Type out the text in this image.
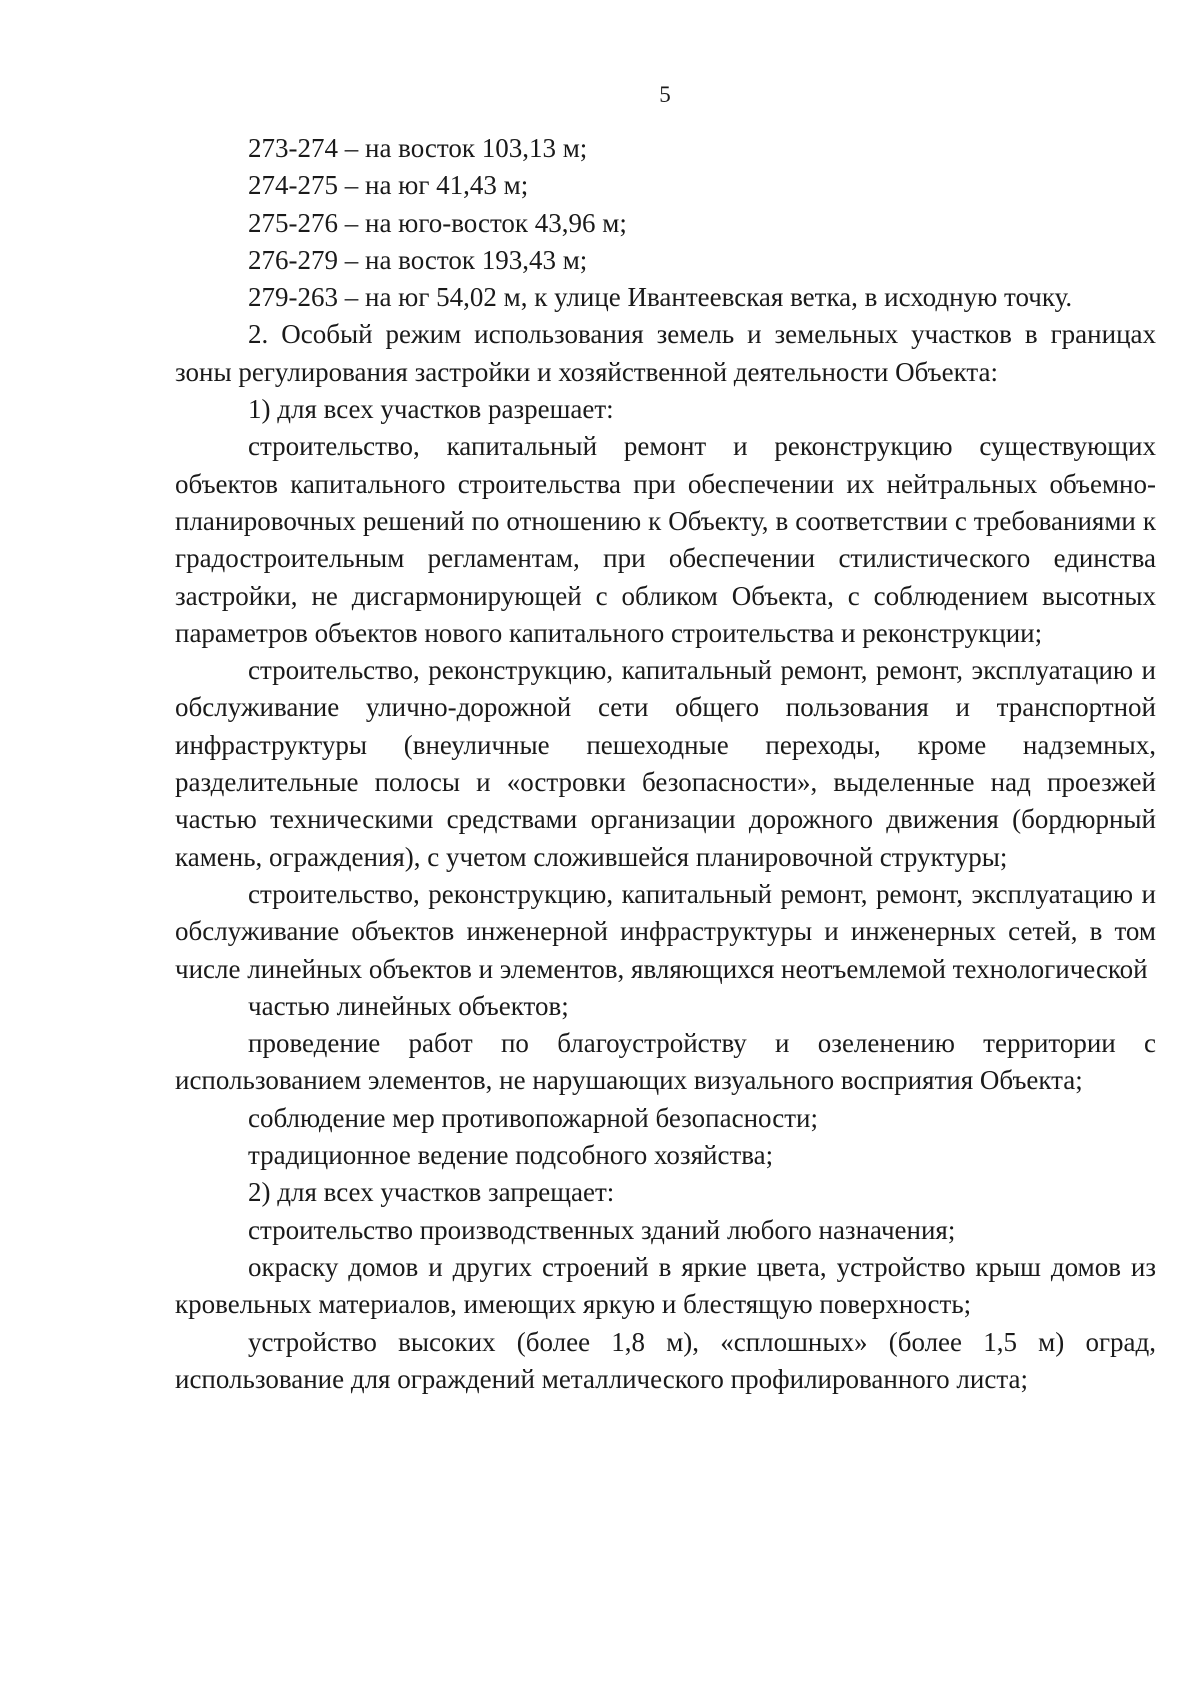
5

273-274 – на восток 103,13 м;

274-275 – на юг 41,43 м;

275-276 – на юго-восток 43,96 м;

276-279 – на восток 193,43 м;

279-263 – на юг 54,02 м, к улице Ивантеевская ветка, в исходную точку.

2. Особый режим использования земель и земельных участков в границах зоны регулирования застройки и хозяйственной деятельности Объекта:

1) для всех участков разрешает:

строительство, капитальный ремонт и реконструкцию существующих объектов капитального строительства при обеспечении их нейтральных объемно-планировочных решений по отношению к Объекту, в соответствии с требованиями к градостроительным регламентам, при обеспечении стилистического единства застройки, не дисгармонирующей с обликом Объекта, с соблюдением высотных параметров объектов нового капитального строительства и реконструкции;

строительство, реконструкцию, капитальный ремонт, ремонт, эксплуатацию и обслуживание улично-дорожной сети общего пользования и транспортной инфраструктуры (внеуличные пешеходные переходы, кроме надземных, разделительные полосы и «островки безопасности», выделенные над проезжей частью техническими средствами организации дорожного движения (бордюрный камень, ограждения), с учетом сложившейся планировочной структуры;

строительство, реконструкцию, капитальный ремонт, ремонт, эксплуатацию и обслуживание объектов инженерной инфраструктуры и инженерных сетей, в том числе линейных объектов и элементов, являющихся неотъемлемой технологической

частью линейных объектов;

проведение работ по благоустройству и озеленению территории с использованием элементов, не нарушающих визуального восприятия Объекта;

соблюдение мер противопожарной безопасности;

традиционное ведение подсобного хозяйства;

2) для всех участков запрещает:

строительство производственных зданий любого назначения;

окраску домов и других строений в яркие цвета, устройство крыш домов из кровельных материалов, имеющих яркую и блестящую поверхность;

устройство высоких (более 1,8 м), «сплошных» (более 1,5 м) оград, использование для ограждений металлического профилированного листа;
